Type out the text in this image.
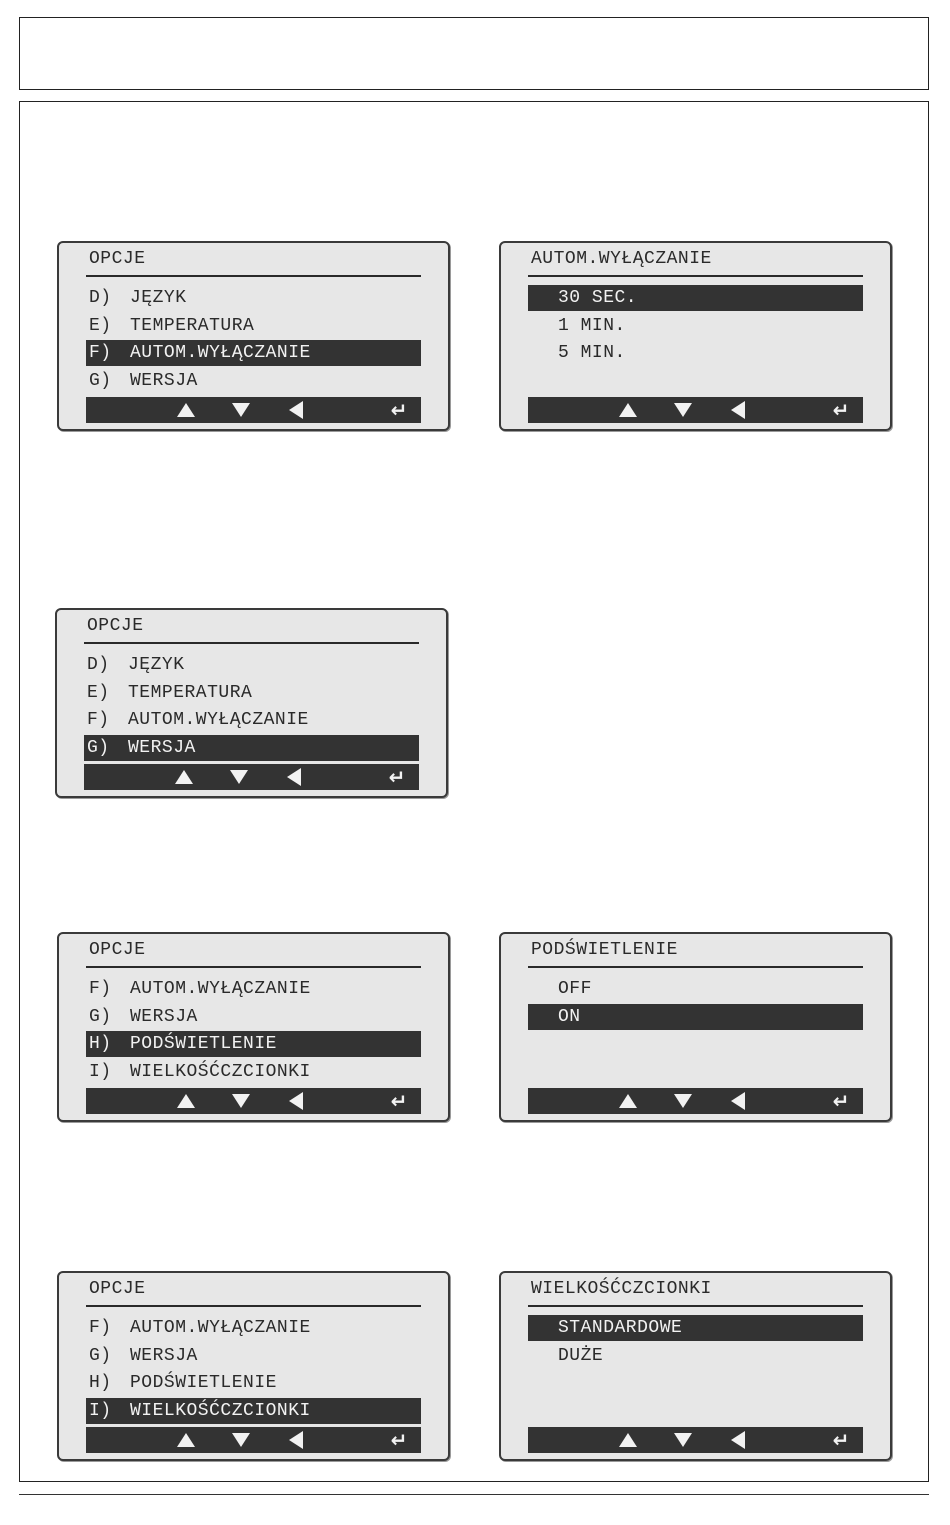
OPCJE
D) JĘZYK
E) TEMPERATURA
F) AUTOM.WYŁĄCZANIE
G) WERSJA
↵
AUTOM.WYŁĄCZANIE
30 SEC.
1 MIN.
5 MIN.
↵
OPCJE
D) JĘZYK
E) TEMPERATURA
F) AUTOM.WYŁĄCZANIE
G) WERSJA
↵
OPCJE
F) AUTOM.WYŁĄCZANIE
G) WERSJA
H) PODŚWIETLENIE
I) WIELKOŚĆCZCIONKI
↵
PODŚWIETLENIE
OFF
ON
↵
OPCJE
F) AUTOM.WYŁĄCZANIE
G) WERSJA
H) PODŚWIETLENIE
I) WIELKOŚĆCZCIONKI
↵
WIELKOŚĆCZCIONKI
STANDARDOWE
DUŻE
↵
